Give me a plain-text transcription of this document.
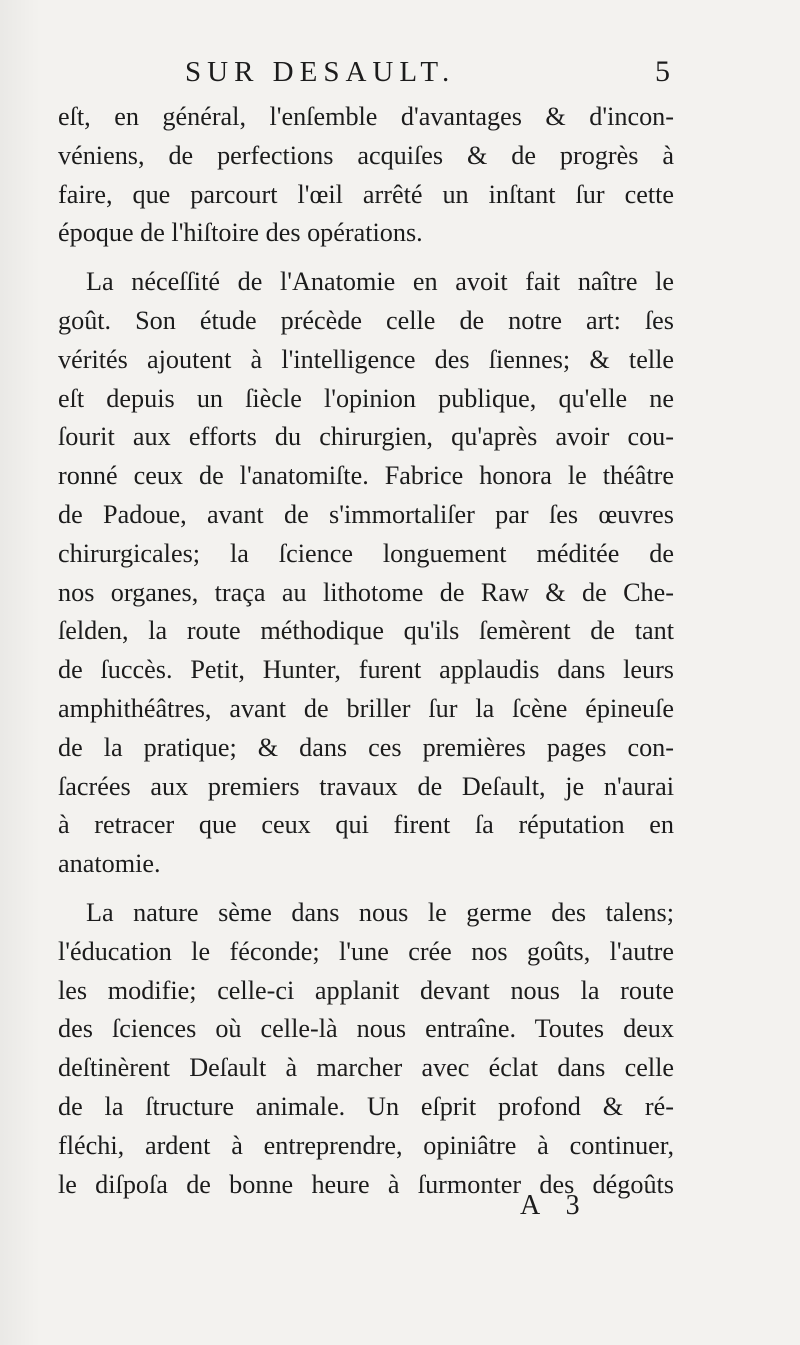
SUR DESAULT.	5
eſt, en général, l'enſemble d'avantages & d'incon-
véniens, de perfections acquiſes & de progrès à
faire, que parcourt l'œil arrêté un inſtant ſur cette
époque de l'hiſtoire des opérations.
La néceſſité de l'Anatomie en avoit fait naître le
goût. Son étude précède celle de notre art: ſes
vérités ajoutent à l'intelligence des ſiennes; & telle
eſt depuis un ſiècle l'opinion publique, qu'elle ne
ſourit aux efforts du chirurgien, qu'après avoir cou-
ronné ceux de l'anatomiſte. Fabrice honora le théâtre
de Padoue, avant de s'immortaliſer par ſes œuvres
chirurgicales; la ſcience longuement méditée de
nos organes, traça au lithotome de Raw & de Che-
ſelden, la route méthodique qu'ils ſemèrent de tant
de ſuccès. Petit, Hunter, furent applaudis dans leurs
amphithéâtres, avant de briller ſur la ſcène épineuſe
de la pratique; & dans ces premières pages con-
ſacrées aux premiers travaux de Deſault, je n'aurai
à retracer que ceux qui firent ſa réputation en
anatomie.
La nature sème dans nous le germe des talens;
l'éducation le féconde; l'une crée nos goûts, l'autre
les modifie; celle-ci applanit devant nous la route
des ſciences où celle-là nous entraîne. Toutes deux
deſtinèrent Deſault à marcher avec éclat dans celle
de la ſtructure animale. Un eſprit profond & ré-
fléchi, ardent à entreprendre, opiniâtre à continuer,
le diſpoſa de bonne heure à ſurmonter des dégoûts
A 3
